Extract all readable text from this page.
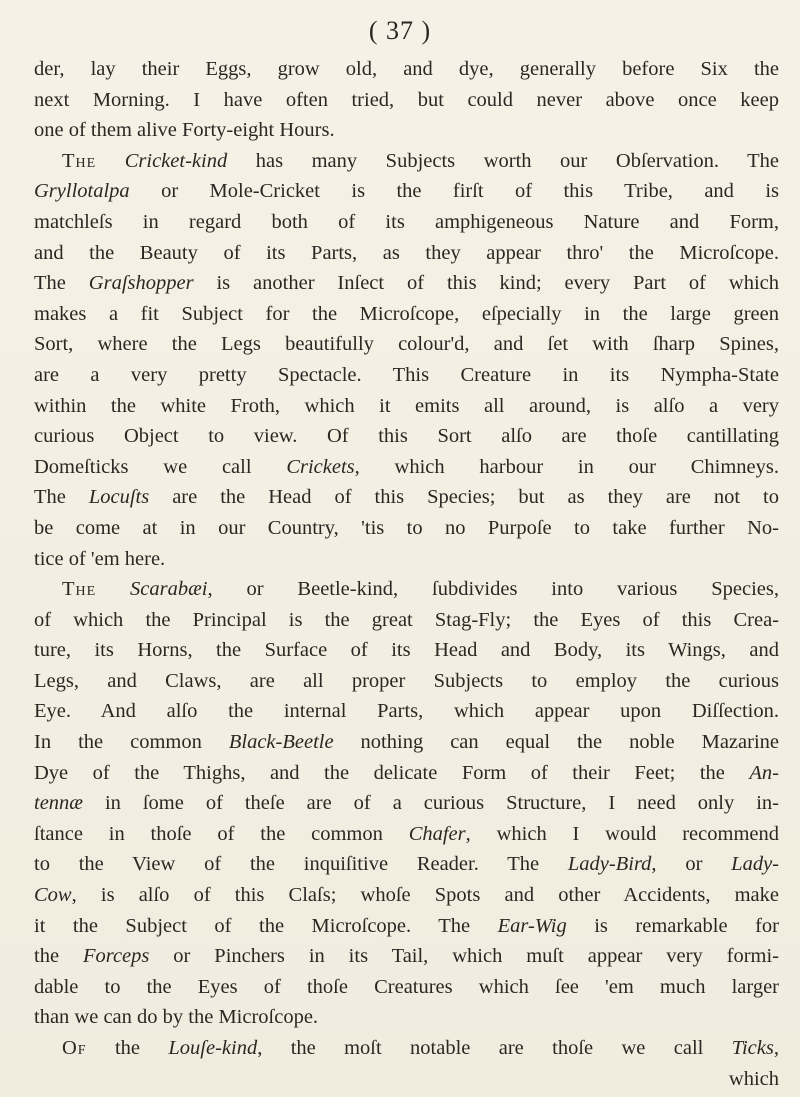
( 37 )
der, lay their Eggs, grow old, and dye, generally before Six the
next Morning. I have often tried, but could never above once keep
one of them alive Forty-eight Hours.
The Cricket-kind has many Subjects worth our Obſervation. The
Gryllotalpa or Mole-Cricket is the firſt of this Tribe, and is
matchleſs in regard both of its amphigeneous Nature and Form,
and the Beauty of its Parts, as they appear thro' the Microſcope.
The Graſshopper is another Inſect of this kind; every Part of which
makes a fit Subject for the Microſcope, eſpecially in the large green
Sort, where the Legs beautifully colour'd, and ſet with ſharp Spines,
are a very pretty Spectacle. This Creature in its Nympha-State
within the white Froth, which it emits all around, is alſo a very
curious Object to view. Of this Sort alſo are thoſe cantillating
Domeſticks we call Crickets, which harbour in our Chimneys.
The Locuſts are the Head of this Species; but as they are not to
be come at in our Country, 'tis to no Purpoſe to take further No-
tice of 'em here.
The Scarabæi, or Beetle-kind, ſubdivides into various Species,
of which the Principal is the great Stag-Fly; the Eyes of this Crea-
ture, its Horns, the Surface of its Head and Body, its Wings, and
Legs, and Claws, are all proper Subjects to employ the curious
Eye. And alſo the internal Parts, which appear upon Diſſection.
In the common Black-Beetle nothing can equal the noble Mazarine
Dye of the Thighs, and the delicate Form of their Feet; the An-
tennæ in ſome of theſe are of a curious Structure, I need only in-
ſtance in thoſe of the common Chafer, which I would recommend
to the View of the inquiſitive Reader. The Lady-Bird, or Lady-
Cow, is alſo of this Claſs; whoſe Spots and other Accidents, make
it the Subject of the Microſcope. The Ear-Wig is remarkable for
the Forceps or Pinchers in its Tail, which muſt appear very formi-
dable to the Eyes of thoſe Creatures which ſee 'em much larger
than we can do by the Microſcope.
Of the Louſe-kind, the moſt notable are thoſe we call Ticks,
which
